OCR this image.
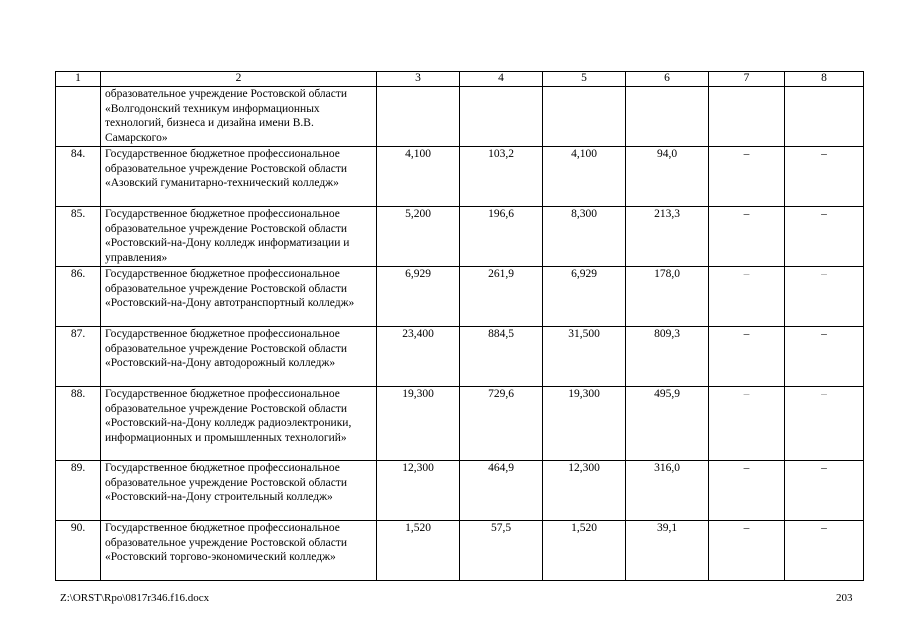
1	2	3	4	5	6	7	8
	образовательное учреждение Ростовской области «Волгодонский техникум информационных технологий, бизнеса и дизайна имени В.В. Самарского»						
84.	Государственное бюджетное профессиональное образовательное учреждение Ростовской области «Азовский гуманитарно-технический колледж»	4,100	103,2	4,100	94,0	–	–
85.	Государственное бюджетное профессиональное образовательное учреждение Ростовской области «Ростовский-на-Дону колледж информатизации и управления»	5,200	196,6	8,300	213,3	–	–
86.	Государственное бюджетное профессиональное образовательное учреждение Ростовской области «Ростовский-на-Дону автотранспортный колледж»	6,929	261,9	6,929	178,0	–	–
87.	Государственное бюджетное профессиональное образовательное учреждение Ростовской области «Ростовский-на-Дону автодорожный колледж»	23,400	884,5	31,500	809,3	–	–
88.	Государственное бюджетное профессиональное образовательное учреждение Ростовской области «Ростовский-на-Дону колледж радиоэлектроники, информационных и промышленных технологий»	19,300	729,6	19,300	495,9	–	–
89.	Государственное бюджетное профессиональное образовательное учреждение Ростовской области «Ростовский-на-Дону строительный колледж»	12,300	464,9	12,300	316,0	–	–
90.	Государственное бюджетное профессиональное образовательное учреждение Ростовской области «Ростовский торгово-экономический колледж»	1,520	57,5	1,520	39,1	–	–
Z:\ORST\Rpo\0817r346.f16.docx	203
